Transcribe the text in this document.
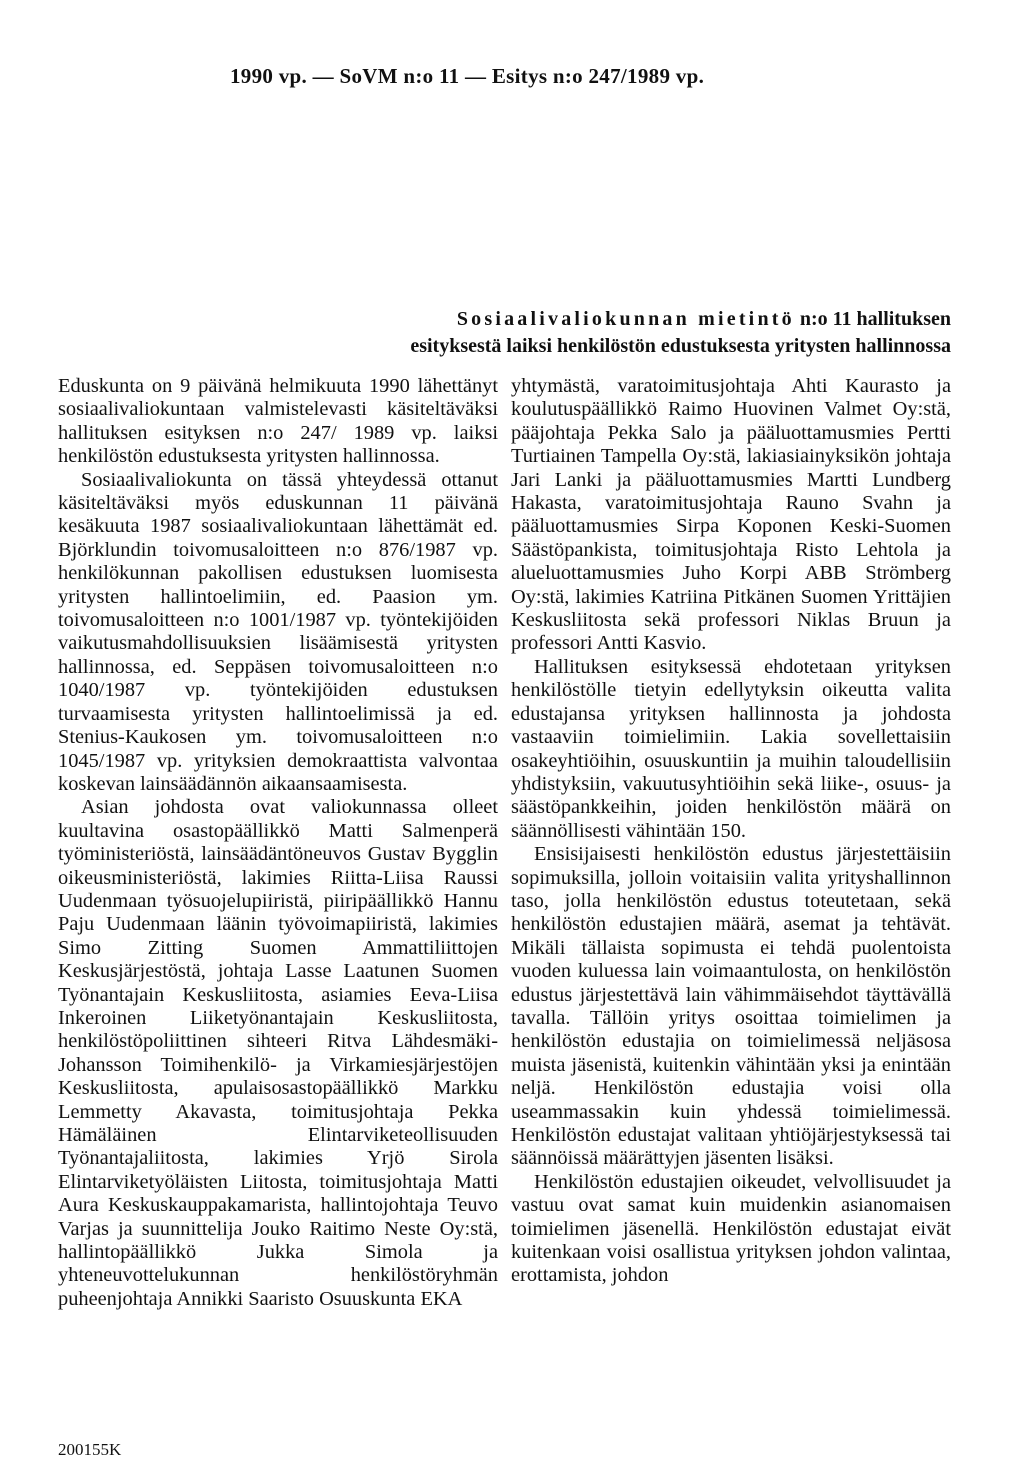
1990 vp. — SoVM n:o 11 — Esitys n:o 247/1989 vp.
Sosiaalivaliokunnan mietintö n:o 11 hallituksen
esityksestä laiksi henkilöstön edustuksesta yritysten hallinnossa

Eduskunta on 9 päivänä helmikuuta 1990 lähettänyt sosiaalivaliokuntaan valmistelevasti käsiteltäväksi hallituksen esityksen n:o 247/ 1989 vp. laiksi henkilöstön edustuksesta yritysten hallinnossa.

Sosiaalivaliokunta on tässä yhteydessä ottanut käsiteltäväksi myös eduskunnan 11 päivänä kesäkuuta 1987 sosiaalivaliokuntaan lähettämät ed. Björklundin toivomusaloitteen n:o 876/1987 vp. henkilökunnan pakollisen edustuksen luomisesta yritysten hallintoelimiin, ed. Paasion ym. toivomusaloitteen n:o 1001/1987 vp. työntekijöiden vaikutusmahdollisuuksien lisäämisestä yritysten hallinnossa, ed. Seppäsen toivomusaloitteen n:o 1040/1987 vp. työntekijöiden edustuksen turvaamisesta yritysten hallintoelimissä ja ed. Stenius-Kaukosen ym. toivomusaloitteen n:o 1045/1987 vp. yrityksien demokraattista valvontaa koskevan lainsäädännön aikaansaamisesta.

Asian johdosta ovat valiokunnassa olleet kuultavina osastopäällikkö Matti Salmenperä työministeriöstä, lainsäädäntöneuvos Gustav Bygglin oikeusministeriöstä, lakimies Riitta-Liisa Raussi Uudenmaan työsuojelupiiristä, piiripäällikkö Hannu Paju Uudenmaan läänin työvoimapiiristä, lakimies Simo Zitting Suomen Ammattiliittojen Keskusjärjestöstä, johtaja Lasse Laatunen Suomen Työnantajain Keskusliitosta, asiamies Eeva-Liisa Inkeroinen Liiketyönantajain Keskusliitosta, henkilöstöpoliittinen sihteeri Ritva Lähdesmäki-Johansson Toimihenkilö- ja Virkamiesjärjestöjen Keskusliitosta, apulaisosastopäällikkö Markku Lemmetty Akavasta, toimitusjohtaja Pekka Hämäläinen Elintarviketeollisuuden Työnantajaliitosta, lakimies Yrjö Sirola Elintarviketyöläisten Liitosta, toimitusjohtaja Matti Aura Keskuskauppakamarista, hallintojohtaja Teuvo Varjas ja suunnittelija Jouko Raitimo Neste Oy:stä, hallintopäällikkö Jukka Simola ja yhteneuvottelukunnan henkilöstöryhmän puheenjohtaja Annikki Saaristo Osuuskunta EKA

yhtymästä, varatoimitusjohtaja Ahti Kaurasto ja koulutuspäällikkö Raimo Huovinen Valmet Oy:stä, pääjohtaja Pekka Salo ja pääluottamusmies Pertti Turtiainen Tampella Oy:stä, lakiasiainyksikön johtaja Jari Lanki ja pääluottamusmies Martti Lundberg Hakasta, varatoimitusjohtaja Rauno Svahn ja pääluottamusmies Sirpa Koponen Keski-Suomen Säästöpankista, toimitusjohtaja Risto Lehtola ja alueluottamusmies Juho Korpi ABB Strömberg Oy:stä, lakimies Katriina Pitkänen Suomen Yrittäjien Keskusliitosta sekä professori Niklas Bruun ja professori Antti Kasvio.

Hallituksen esityksessä ehdotetaan yrityksen henkilöstölle tietyin edellytyksin oikeutta valita edustajansa yrityksen hallinnosta ja johdosta vastaaviin toimielimiin. Lakia sovellettaisiin osakeyhtiöihin, osuuskuntiin ja muihin taloudellisiin yhdistyksiin, vakuutusyhtiöihin sekä liike-, osuus- ja säästöpankkeihin, joiden henkilöstön määrä on säännöllisesti vähintään 150.

Ensisijaisesti henkilöstön edustus järjestettäisiin sopimuksilla, jolloin voitaisiin valita yrityshallinnon taso, jolla henkilöstön edustus toteutetaan, sekä henkilöstön edustajien määrä, asemat ja tehtävät. Mikäli tällaista sopimusta ei tehdä puolentoista vuoden kuluessa lain voimaantulosta, on henkilöstön edustus järjestettävä lain vähimmäisehdot täyttävällä tavalla. Tällöin yritys osoittaa toimielimen ja henkilöstön edustajia on toimielimessä neljäsosa muista jäsenistä, kuitenkin vähintään yksi ja enintään neljä. Henkilöstön edustajia voisi olla useammassakin kuin yhdessä toimielimessä. Henkilöstön edustajat valitaan yhtiöjärjestyksessä tai säännöissä määrättyjen jäsenten lisäksi.

Henkilöstön edustajien oikeudet, velvollisuudet ja vastuu ovat samat kuin muidenkin asianomaisen toimielimen jäsenellä. Henkilöstön edustajat eivät kuitenkaan voisi osallistua yrityksen johdon valintaa, erottamista, johdon

200155K
